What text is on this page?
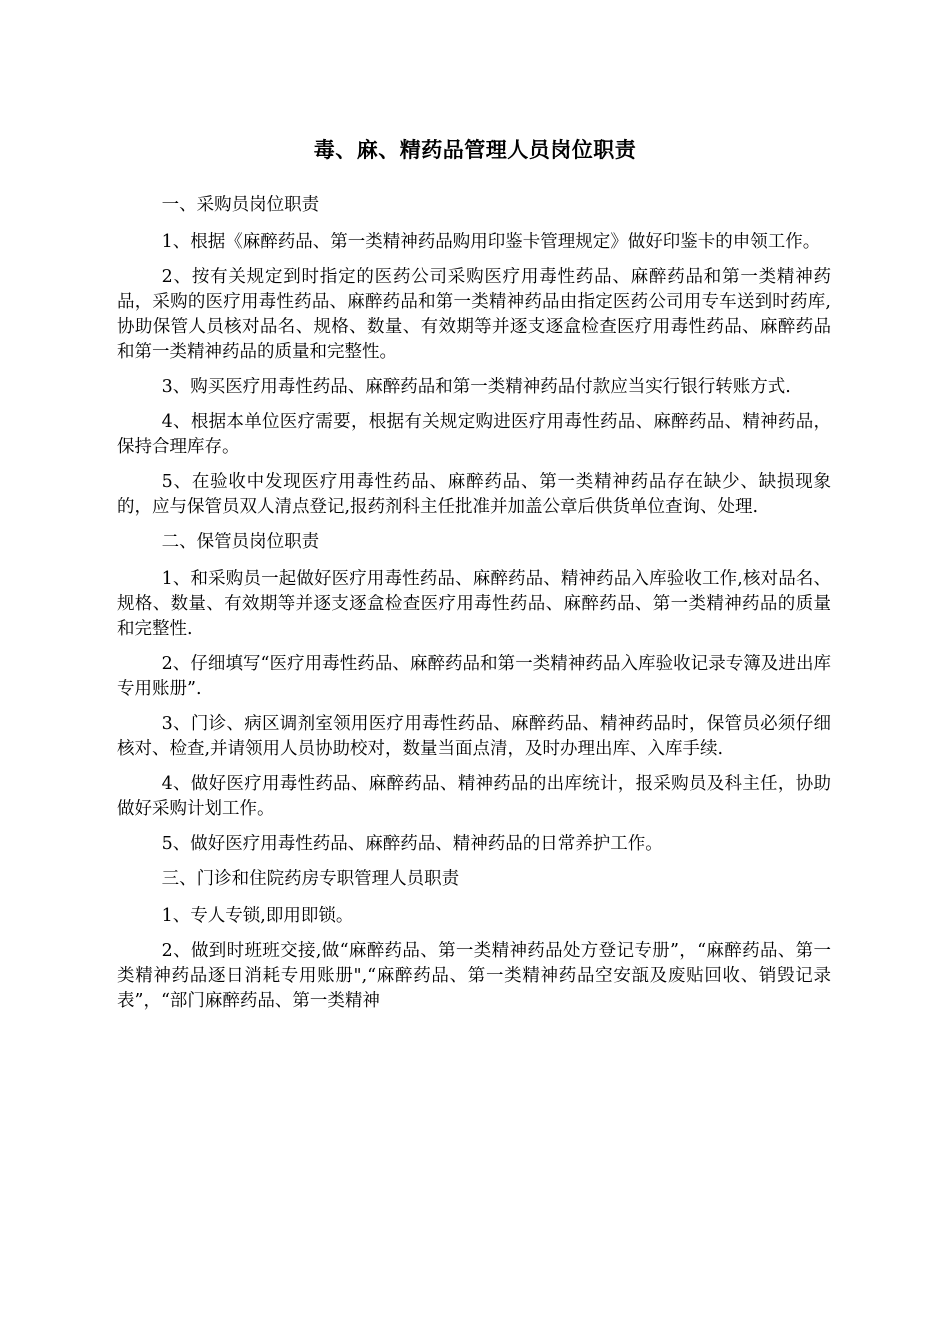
毒、麻、精药品管理人员岗位职责

一、采购员岗位职责

1、根据《麻醉药品、第一类精神药品购用印鉴卡管理规定》做好印鉴卡的申领工作。

2、按有关规定到时指定的医药公司采购医疗用毒性药品、麻醉药品和第一类精神药品，采购的医疗用毒性药品、麻醉药品和第一类精神药品由指定医药公司用专车送到时药库,协助保管人员核对品名、规格、数量、有效期等并逐支逐盒检查医疗用毒性药品、麻醉药品和第一类精神药品的质量和完整性。

3、购买医疗用毒性药品、麻醉药品和第一类精神药品付款应当实行银行转账方式.

4、根据本单位医疗需要，根据有关规定购进医疗用毒性药品、麻醉药品、精神药品，保持合理库存。

5、在验收中发现医疗用毒性药品、麻醉药品、第一类精神药品存在缺少、缺损现象的，应与保管员双人清点登记,报药剂科主任批准并加盖公章后供货单位查询、处理.

二、保管员岗位职责

1、和采购员一起做好医疗用毒性药品、麻醉药品、精神药品入库验收工作,核对品名、规格、数量、有效期等并逐支逐盒检查医疗用毒性药品、麻醉药品、第一类精神药品的质量和完整性.

2、仔细填写“医疗用毒性药品、麻醉药品和第一类精神药品入库验收记录专簿及进出库专用账册”.

3、门诊、病区调剂室领用医疗用毒性药品、麻醉药品、精神药品时，保管员必须仔细核对、检查,并请领用人员协助校对，数量当面点清，及时办理出库、入库手续.

4、做好医疗用毒性药品、麻醉药品、精神药品的出库统计，报采购员及科主任，协助做好采购计划工作。

5、做好医疗用毒性药品、麻醉药品、精神药品的日常养护工作。

三、门诊和住院药房专职管理人员职责

1、专人专锁,即用即锁。

2、做到时班班交接,做“麻醉药品、第一类精神药品处方登记专册”，“麻醉药品、第一类精神药品逐日消耗专用账册",“麻醉药品、第一类精神药品空安瓿及废贴回收、销毁记录表”，“部门麻醉药品、第一类精神
